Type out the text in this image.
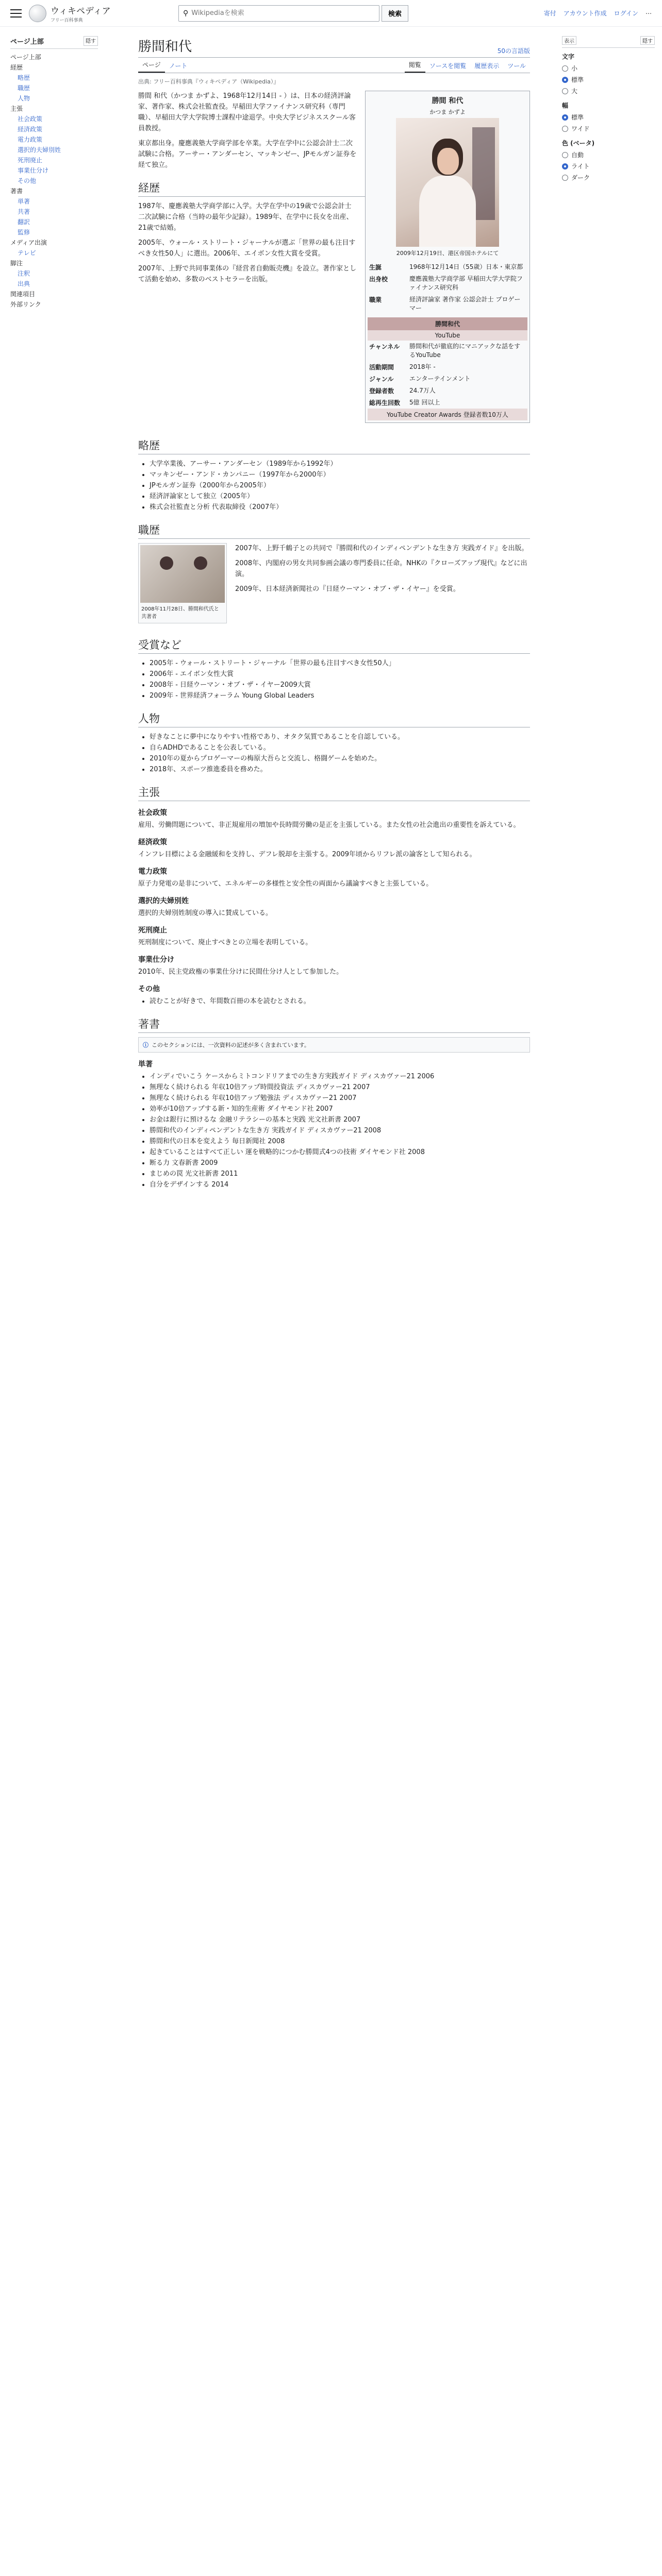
ウィキペディア
フリー百科事典
⚲
Wikipediaを検索	検索	寄付 アカウント作成 ログイン ⋯
ページ上部	隠す
ページ上部
経歴
略歴
職歴
人物
主張
社会政策
経済政策
電力政策
選択的夫婦別姓
死刑廃止
事業仕分け
その他
著書
単著
共著
翻訳
監修
メディア出演
テレビ
脚注
注釈
出典
関連項目
外部リンク
勝間和代	50の言語版
ページ	ノート	閲覧	ソースを閲覧	履歴表示	ツール
出典: フリー百科事典『ウィキペディア（Wikipedia）』
勝間 和代
かつま かずよ
2009年12月19日、港区帝国ホテルにて
生誕	1968年12月14日（55歳）日本・東京都
出身校	慶應義塾大学商学部 早稲田大学大学院ファイナンス研究科
職業	経済評論家 著作家 公認会計士 プロゲーマー
勝間和代
YouTube
チャンネル	勝間和代が徹底的にマニアックな話をするYouTube
活動期間	2018年 -
ジャンル	エンターテインメント
登録者数	24.7万人
総再生回数	5億 回以上
YouTube Creator Awards 登録者数10万人

勝間 和代（かつま かずよ、1968年12月14日 - ）は、日本の経済評論家、著作家、株式会社監査役。早稲田大学ファイナンス研究科（専門職）、早稲田大学大学院博士課程中途退学。中央大学ビジネススクール客員教授。

東京都出身。慶應義塾大学商学部を卒業。大学在学中に公認会計士二次試験に合格。アーサー・アンダーセン、マッキンゼー、JPモルガン証券を経て独立。

経歴

1987年、慶應義塾大学商学部に入学。大学在学中の19歳で公認会計士二次試験に合格（当時の最年少記録）。1989年、在学中に長女を出産、21歳で結婚。

2005年、ウォール・ストリート・ジャーナルが選ぶ「世界の最も注目すべき女性50人」に選出。2006年、エイボン女性大賞を受賞。

2007年、上野で共同事業体の『経営者自動販売機』を設立。著作家として活動を始め、多数のベストセラーを出版。

略歴
• 大学卒業後、アーサー・アンダーセン（1989年から1992年）
• マッキンゼー・アンド・カンパニー（1997年から2000年）
• JPモルガン証券（2000年から2005年）
• 経済評論家として独立（2005年）
• 株式会社監査と分析 代表取締役（2007年）
職歴
2008年11月28日、勝間和代氏と共著者

2007年、上野千鶴子との共同で『勝間和代のインディペンデントな生き方 実践ガイド』を出版。

2008年、内閣府の男女共同参画会議の専門委員に任命。NHKの『クローズアップ現代』などに出演。

2009年、日本経済新聞社の『日経ウーマン・オブ・ザ・イヤー』を受賞。

受賞など
• 2005年 - ウォール・ストリート・ジャーナル「世界の最も注目すべき女性50人」
• 2006年 - エイボン女性大賞
• 2008年 - 日経ウーマン・オブ・ザ・イヤー2009大賞
• 2009年 - 世界経済フォーラム Young Global Leaders
人物
• 好きなことに夢中になりやすい性格であり、オタク気質であることを自認している。
• 自らADHDであることを公表している。
• 2010年の夏からプロゲーマーの梅原大吾らと交流し、格闘ゲームを始めた。
• 2018年、スポーツ推進委員を務めた。
主張
社会政策

雇用、労働問題について、非正規雇用の増加や長時間労働の是正を主張している。また女性の社会進出の重要性を訴えている。

経済政策

インフレ目標による金融緩和を支持し、デフレ脱却を主張する。2009年頃からリフレ派の論客として知られる。

電力政策

原子力発電の是非について、エネルギーの多様性と安全性の両面から議論すべきと主張している。

選択的夫婦別姓

選択的夫婦別姓制度の導入に賛成している。

死刑廃止

死刑制度について、廃止すべきとの立場を表明している。

事業仕分け

2010年、民主党政権の事業仕分けに民間仕分け人として参加した。

その他
• 読むことが好きで、年間数百冊の本を読むとされる。
著書
ⓘ このセクションには、一次資料の記述が多く含まれています。
単著
• インディでいこう ケースからミトコンドリアまでの生き方実践ガイド ディスカヴァー21 2006
• 無理なく続けられる 年収10倍アップ時間投資法 ディスカヴァー21 2007
• 無理なく続けられる 年収10倍アップ勉強法 ディスカヴァー21 2007
• 効率が10倍アップする新・知的生産術 ダイヤモンド社 2007
• お金は銀行に預けるな 金融リテラシーの基本と実践 光文社新書 2007
• 勝間和代のインディペンデントな生き方 実践ガイド ディスカヴァー21 2008
• 勝間和代の日本を変えよう 毎日新聞社 2008
• 起きていることはすべて正しい 運を戦略的につかむ勝間式4つの技術 ダイヤモンド社 2008
• 断る力 文春新書 2009
• まじめの罠 光文社新書 2011
• 自分をデザインする 2014
表示	隠す
文字
小
標準
大
幅
標準
ワイド
色 (ベータ)
自動
ライト
ダーク
